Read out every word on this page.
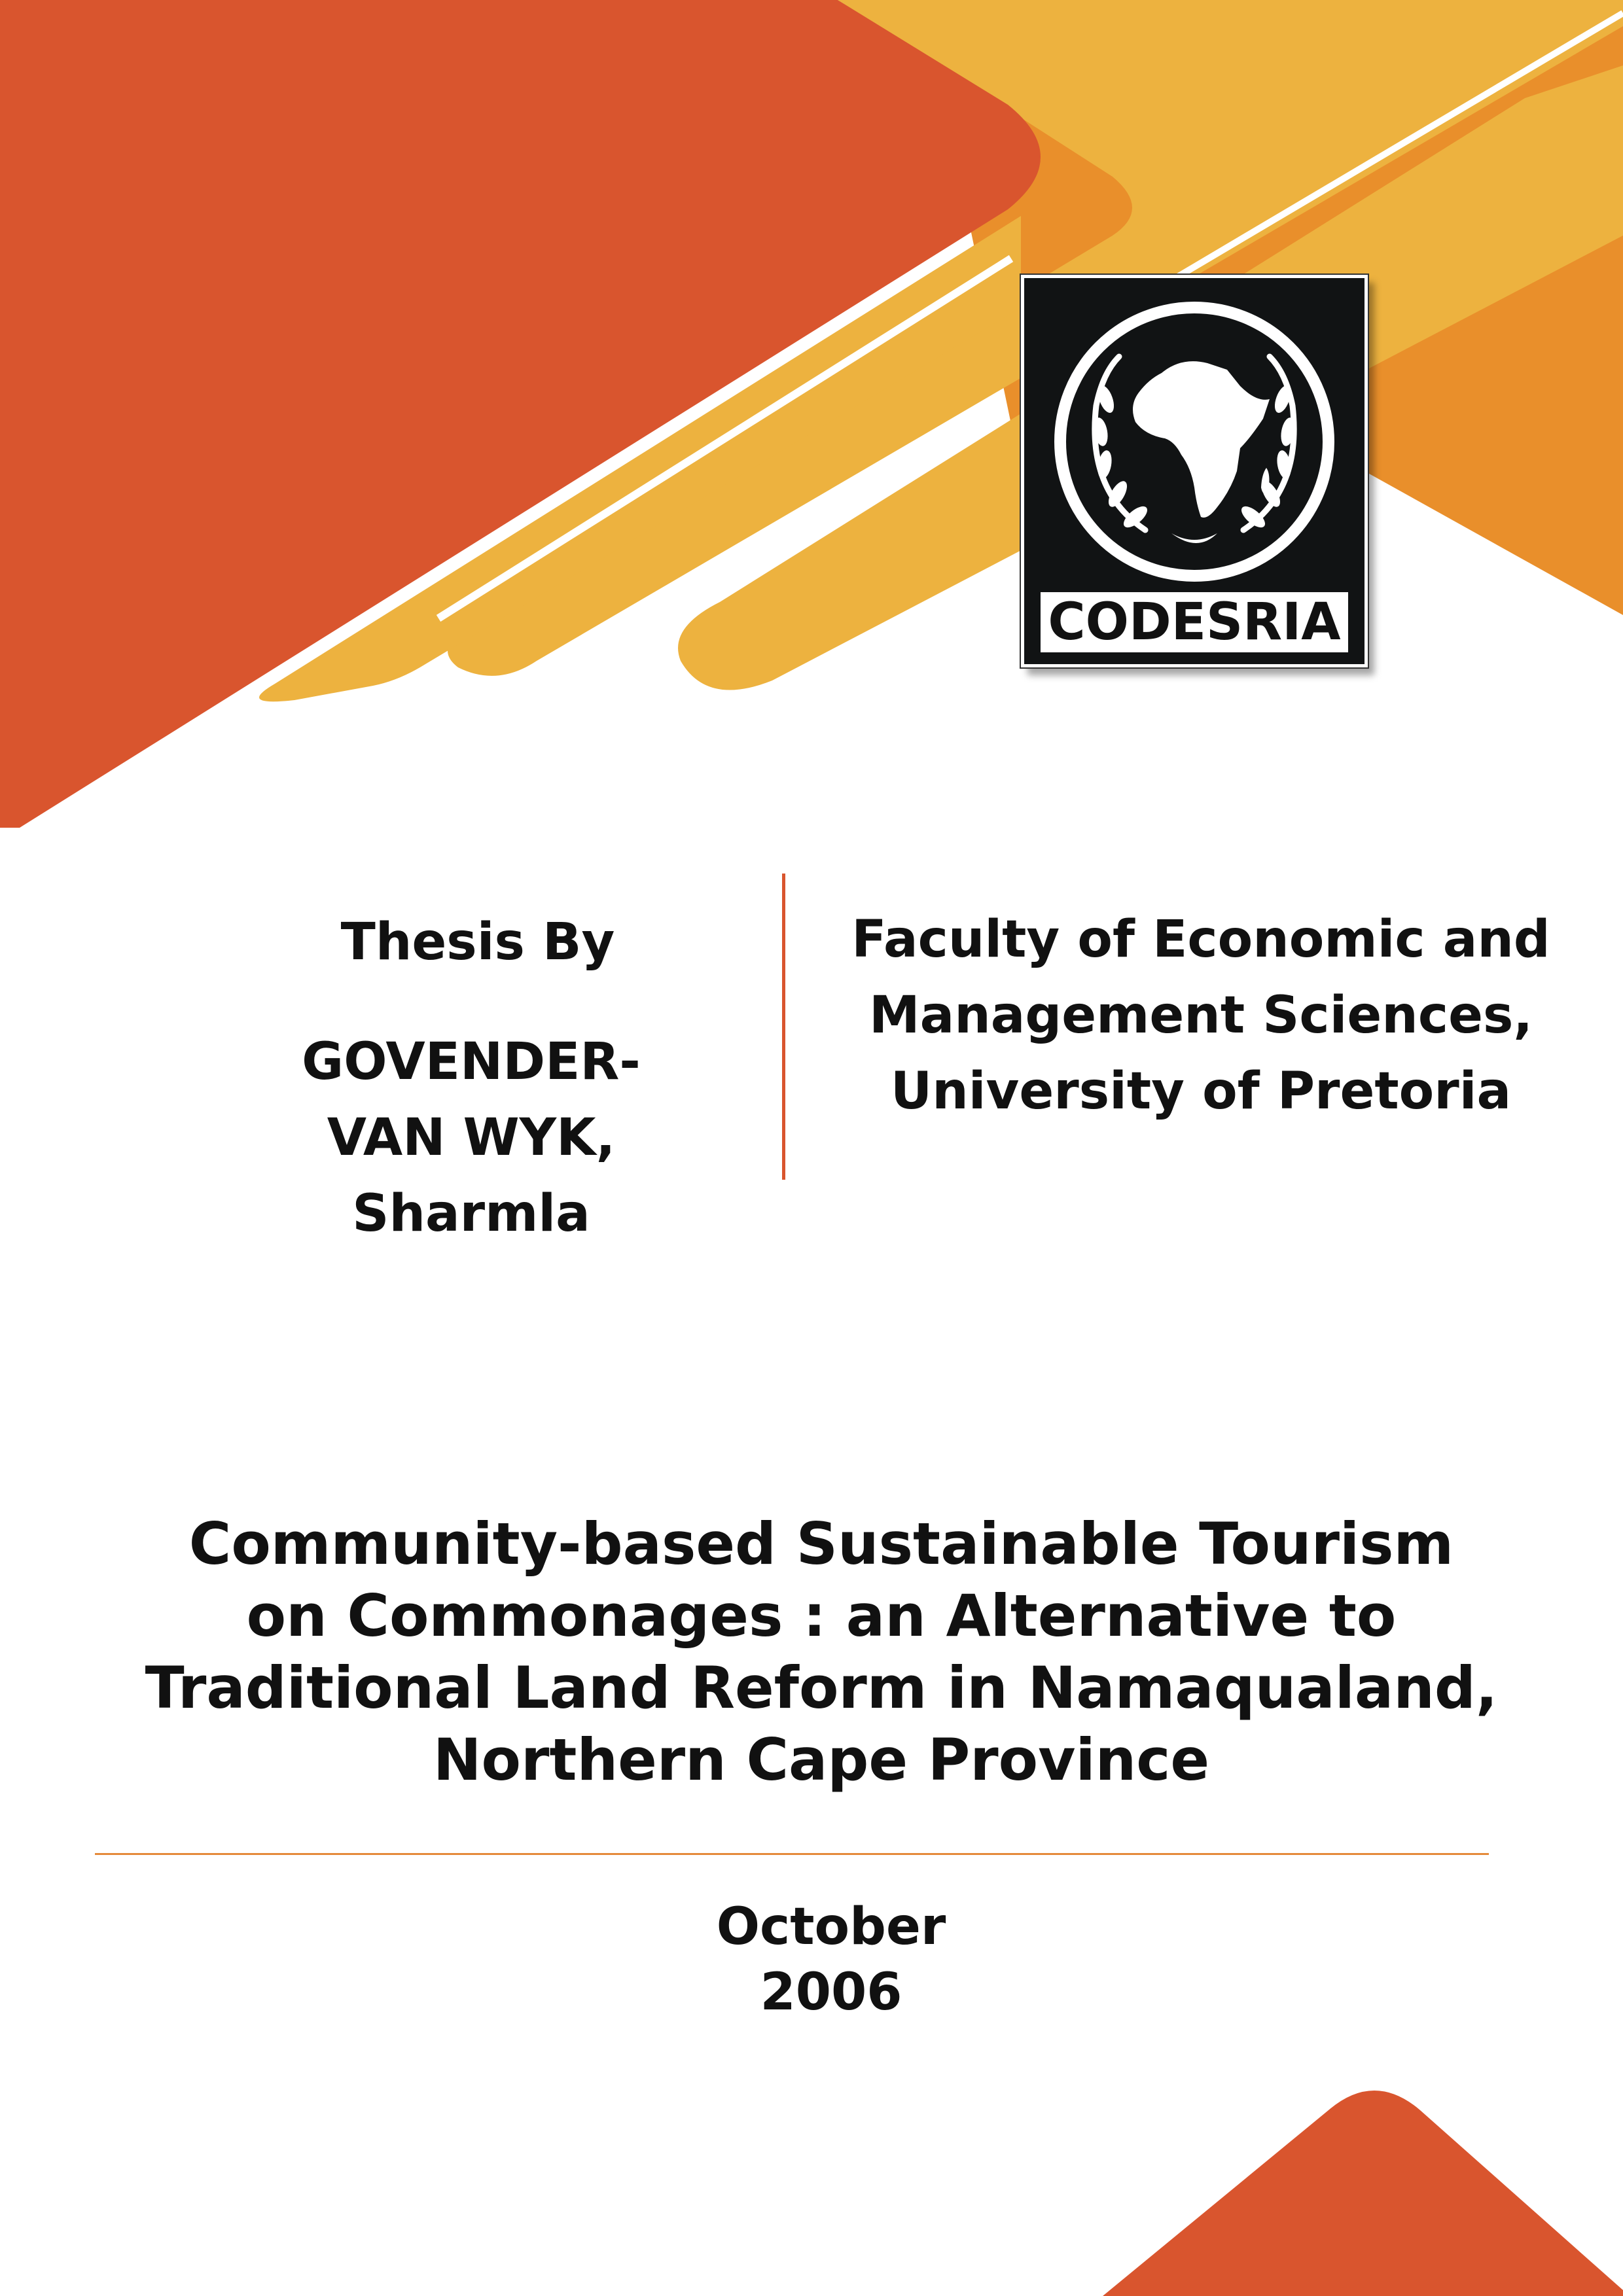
CODESRIA
Thesis By
GOVENDER-
VAN WYK,
Sharmla
Faculty of Economic and
Management Sciences,
University of Pretoria
Community-based Sustainable Tourism
on Commonages : an Alternative to
Traditional Land Reform in Namaqualand,
Northern Cape Province
October
2006
